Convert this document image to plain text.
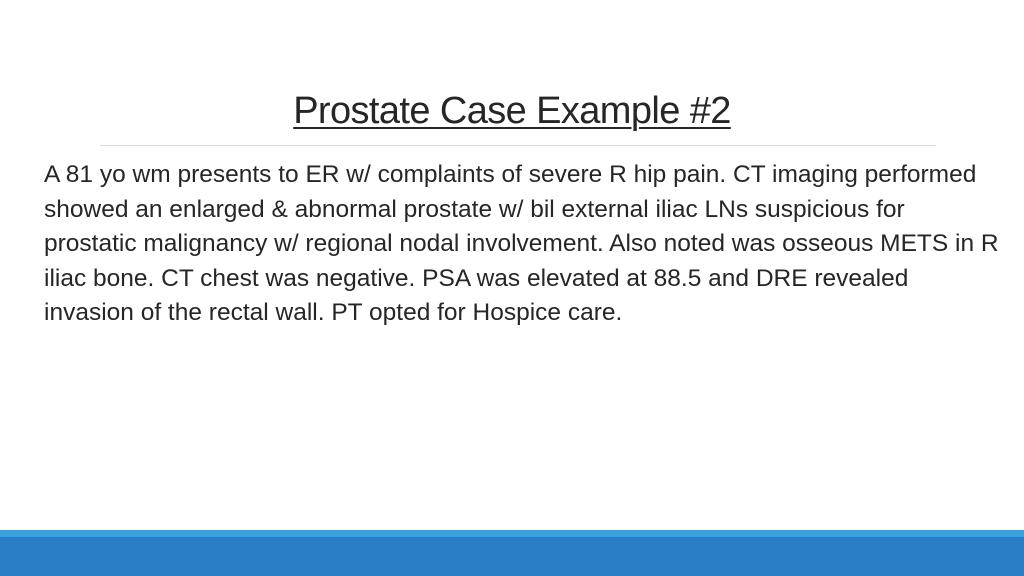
Prostate Case Example #2

A 81 yo wm presents to ER w/ complaints of severe R hip pain. CT imaging performed showed an enlarged & abnormal prostate w/ bil external iliac LNs suspicious for prostatic malignancy w/ regional nodal involvement. Also noted was osseous METS in R iliac bone. CT chest was negative. PSA was elevated at 88.5 and DRE revealed invasion of the rectal wall. PT opted for Hospice care.
